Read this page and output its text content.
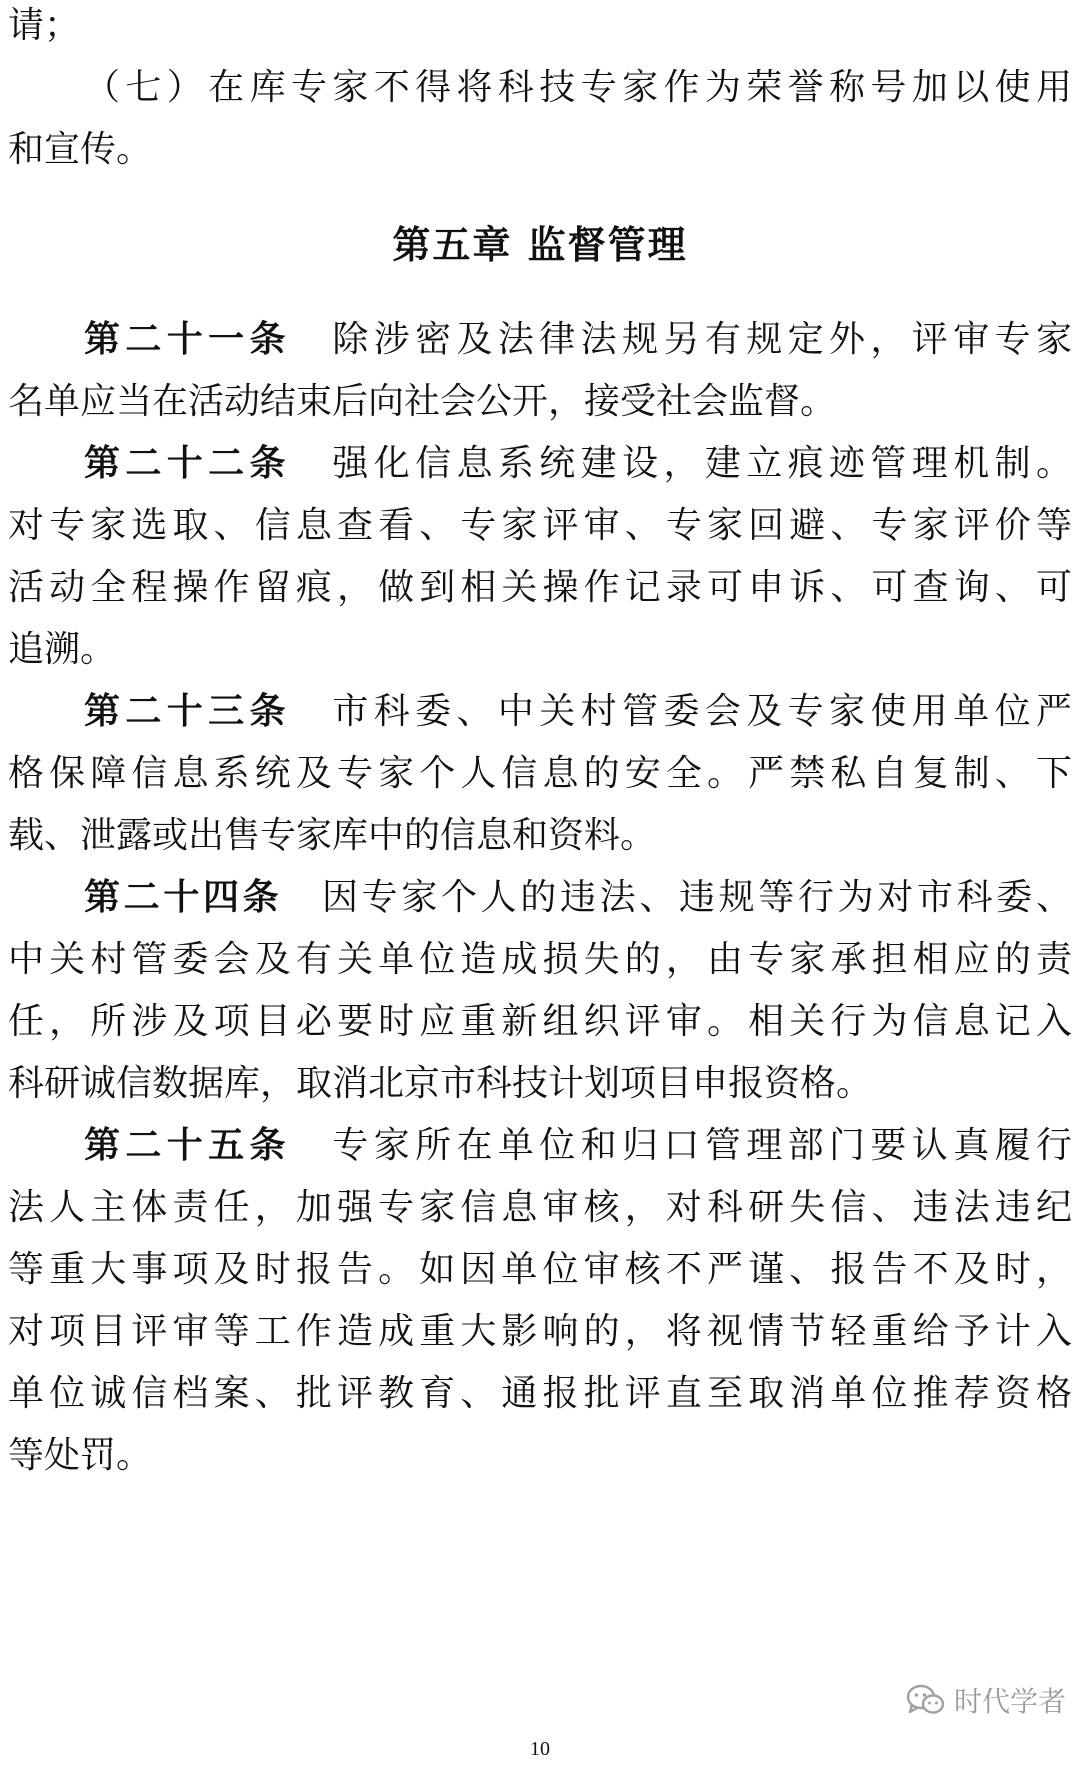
请；
（七）在库专家不得将科技专家作为荣誉称号加以使用
和宣传。
第五章 监督管理
第二十一条 除涉密及法律法规另有规定外，评审专家
名单应当在活动结束后向社会公开，接受社会监督。
第二十二条 强化信息系统建设，建立痕迹管理机制。
对专家选取、信息查看、专家评审、专家回避、专家评价等
活动全程操作留痕，做到相关操作记录可申诉、可查询、可
追溯。
第二十三条 市科委、中关村管委会及专家使用单位严
格保障信息系统及专家个人信息的安全。严禁私自复制、下
载、泄露或出售专家库中的信息和资料。
第二十四条 因专家个人的违法、违规等行为对市科委、
中关村管委会及有关单位造成损失的，由专家承担相应的责
任，所涉及项目必要时应重新组织评审。相关行为信息记入
科研诚信数据库，取消北京市科技计划项目申报资格。
第二十五条 专家所在单位和归口管理部门要认真履行
法人主体责任，加强专家信息审核，对科研失信、违法违纪
等重大事项及时报告。如因单位审核不严谨、报告不及时，
对项目评审等工作造成重大影响的，将视情节轻重给予计入
单位诚信档案、批评教育、通报批评直至取消单位推荐资格
等处罚。
时代学者
10
